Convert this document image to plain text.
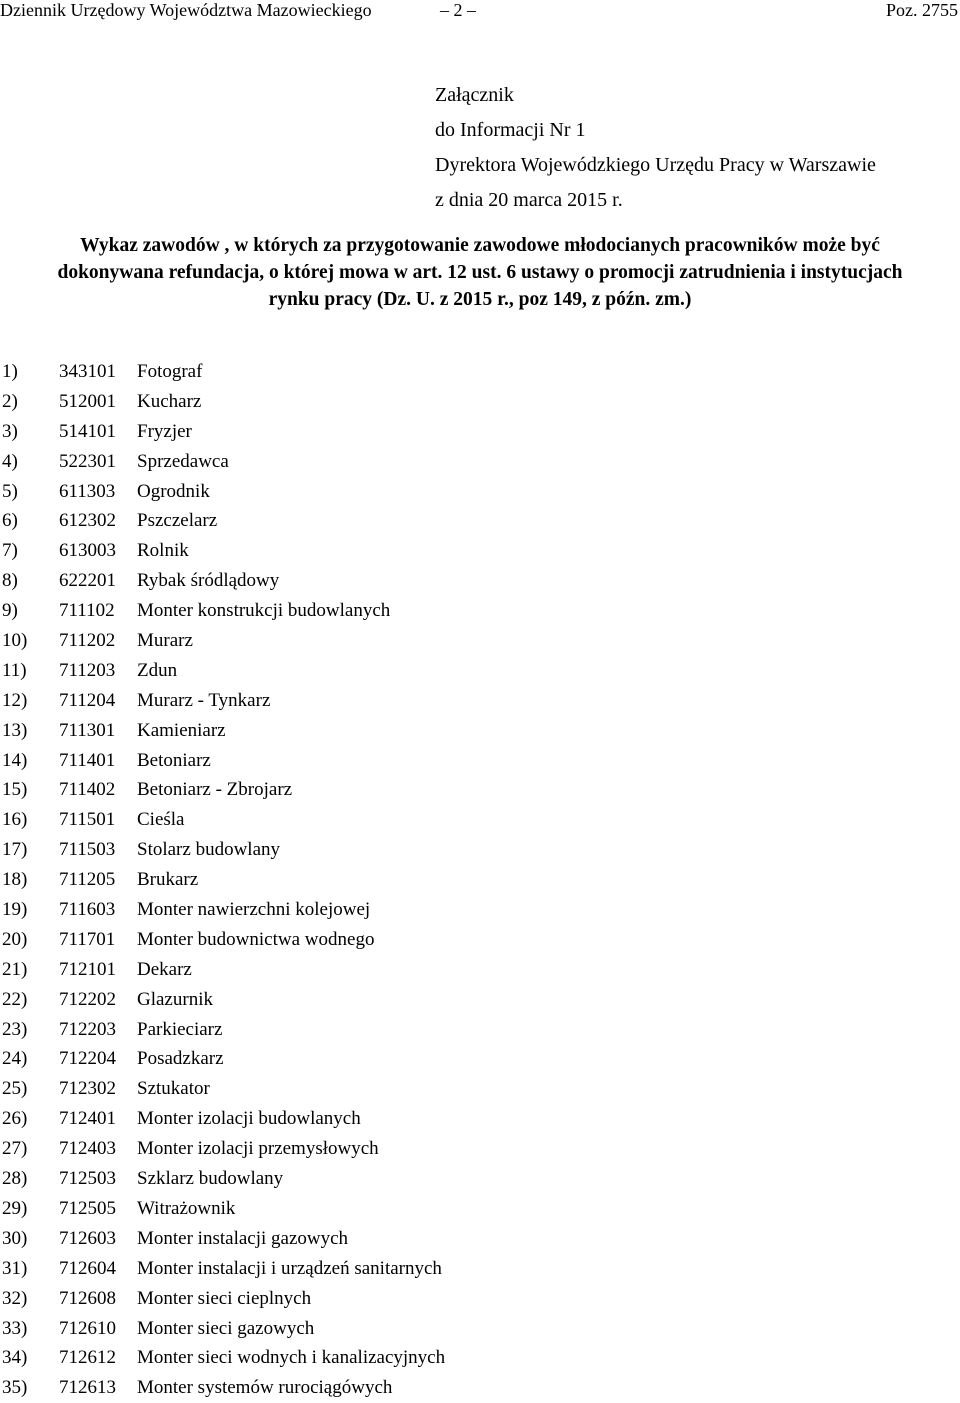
Dziennik Urzędowy Województwa Mazowieckiego	– 2 –	Poz. 2755
Załącznik
do Informacji Nr 1
Dyrektora Wojewódzkiego Urzędu Pracy w Warszawie
z dnia 20 marca 2015 r.
Wykaz zawodów , w których za przygotowanie zawodowe młodocianych pracowników może być
dokonywana refundacja, o której mowa w art. 12 ust. 6 ustawy o promocji zatrudnienia i instytucjach
rynku pracy (Dz. U. z 2015 r., poz 149, z późn. zm.)
1) 343101 Fotograf
2) 512001 Kucharz
3) 514101 Fryzjer
4) 522301 Sprzedawca
5) 611303 Ogrodnik
6) 612302 Pszczelarz
7) 613003 Rolnik
8) 622201 Rybak śródlądowy
9) 711102 Monter konstrukcji budowlanych
10) 711202 Murarz
11) 711203 Zdun
12) 711204 Murarz - Tynkarz
13) 711301 Kamieniarz
14) 711401 Betoniarz
15) 711402 Betoniarz - Zbrojarz
16) 711501 Cieśla
17) 711503 Stolarz budowlany
18) 711205 Brukarz
19) 711603 Monter nawierzchni kolejowej
20) 711701 Monter budownictwa wodnego
21) 712101 Dekarz
22) 712202 Glazurnik
23) 712203 Parkieciarz
24) 712204 Posadzkarz
25) 712302 Sztukator
26) 712401 Monter izolacji budowlanych
27) 712403 Monter izolacji przemysłowych
28) 712503 Szklarz budowlany
29) 712505 Witrażownik
30) 712603 Monter instalacji gazowych
31) 712604 Monter instalacji i urządzeń sanitarnych
32) 712608 Monter sieci cieplnych
33) 712610 Monter sieci gazowych
34) 712612 Monter sieci wodnych i kanalizacyjnych
35) 712613 Monter systemów rurociągówych
